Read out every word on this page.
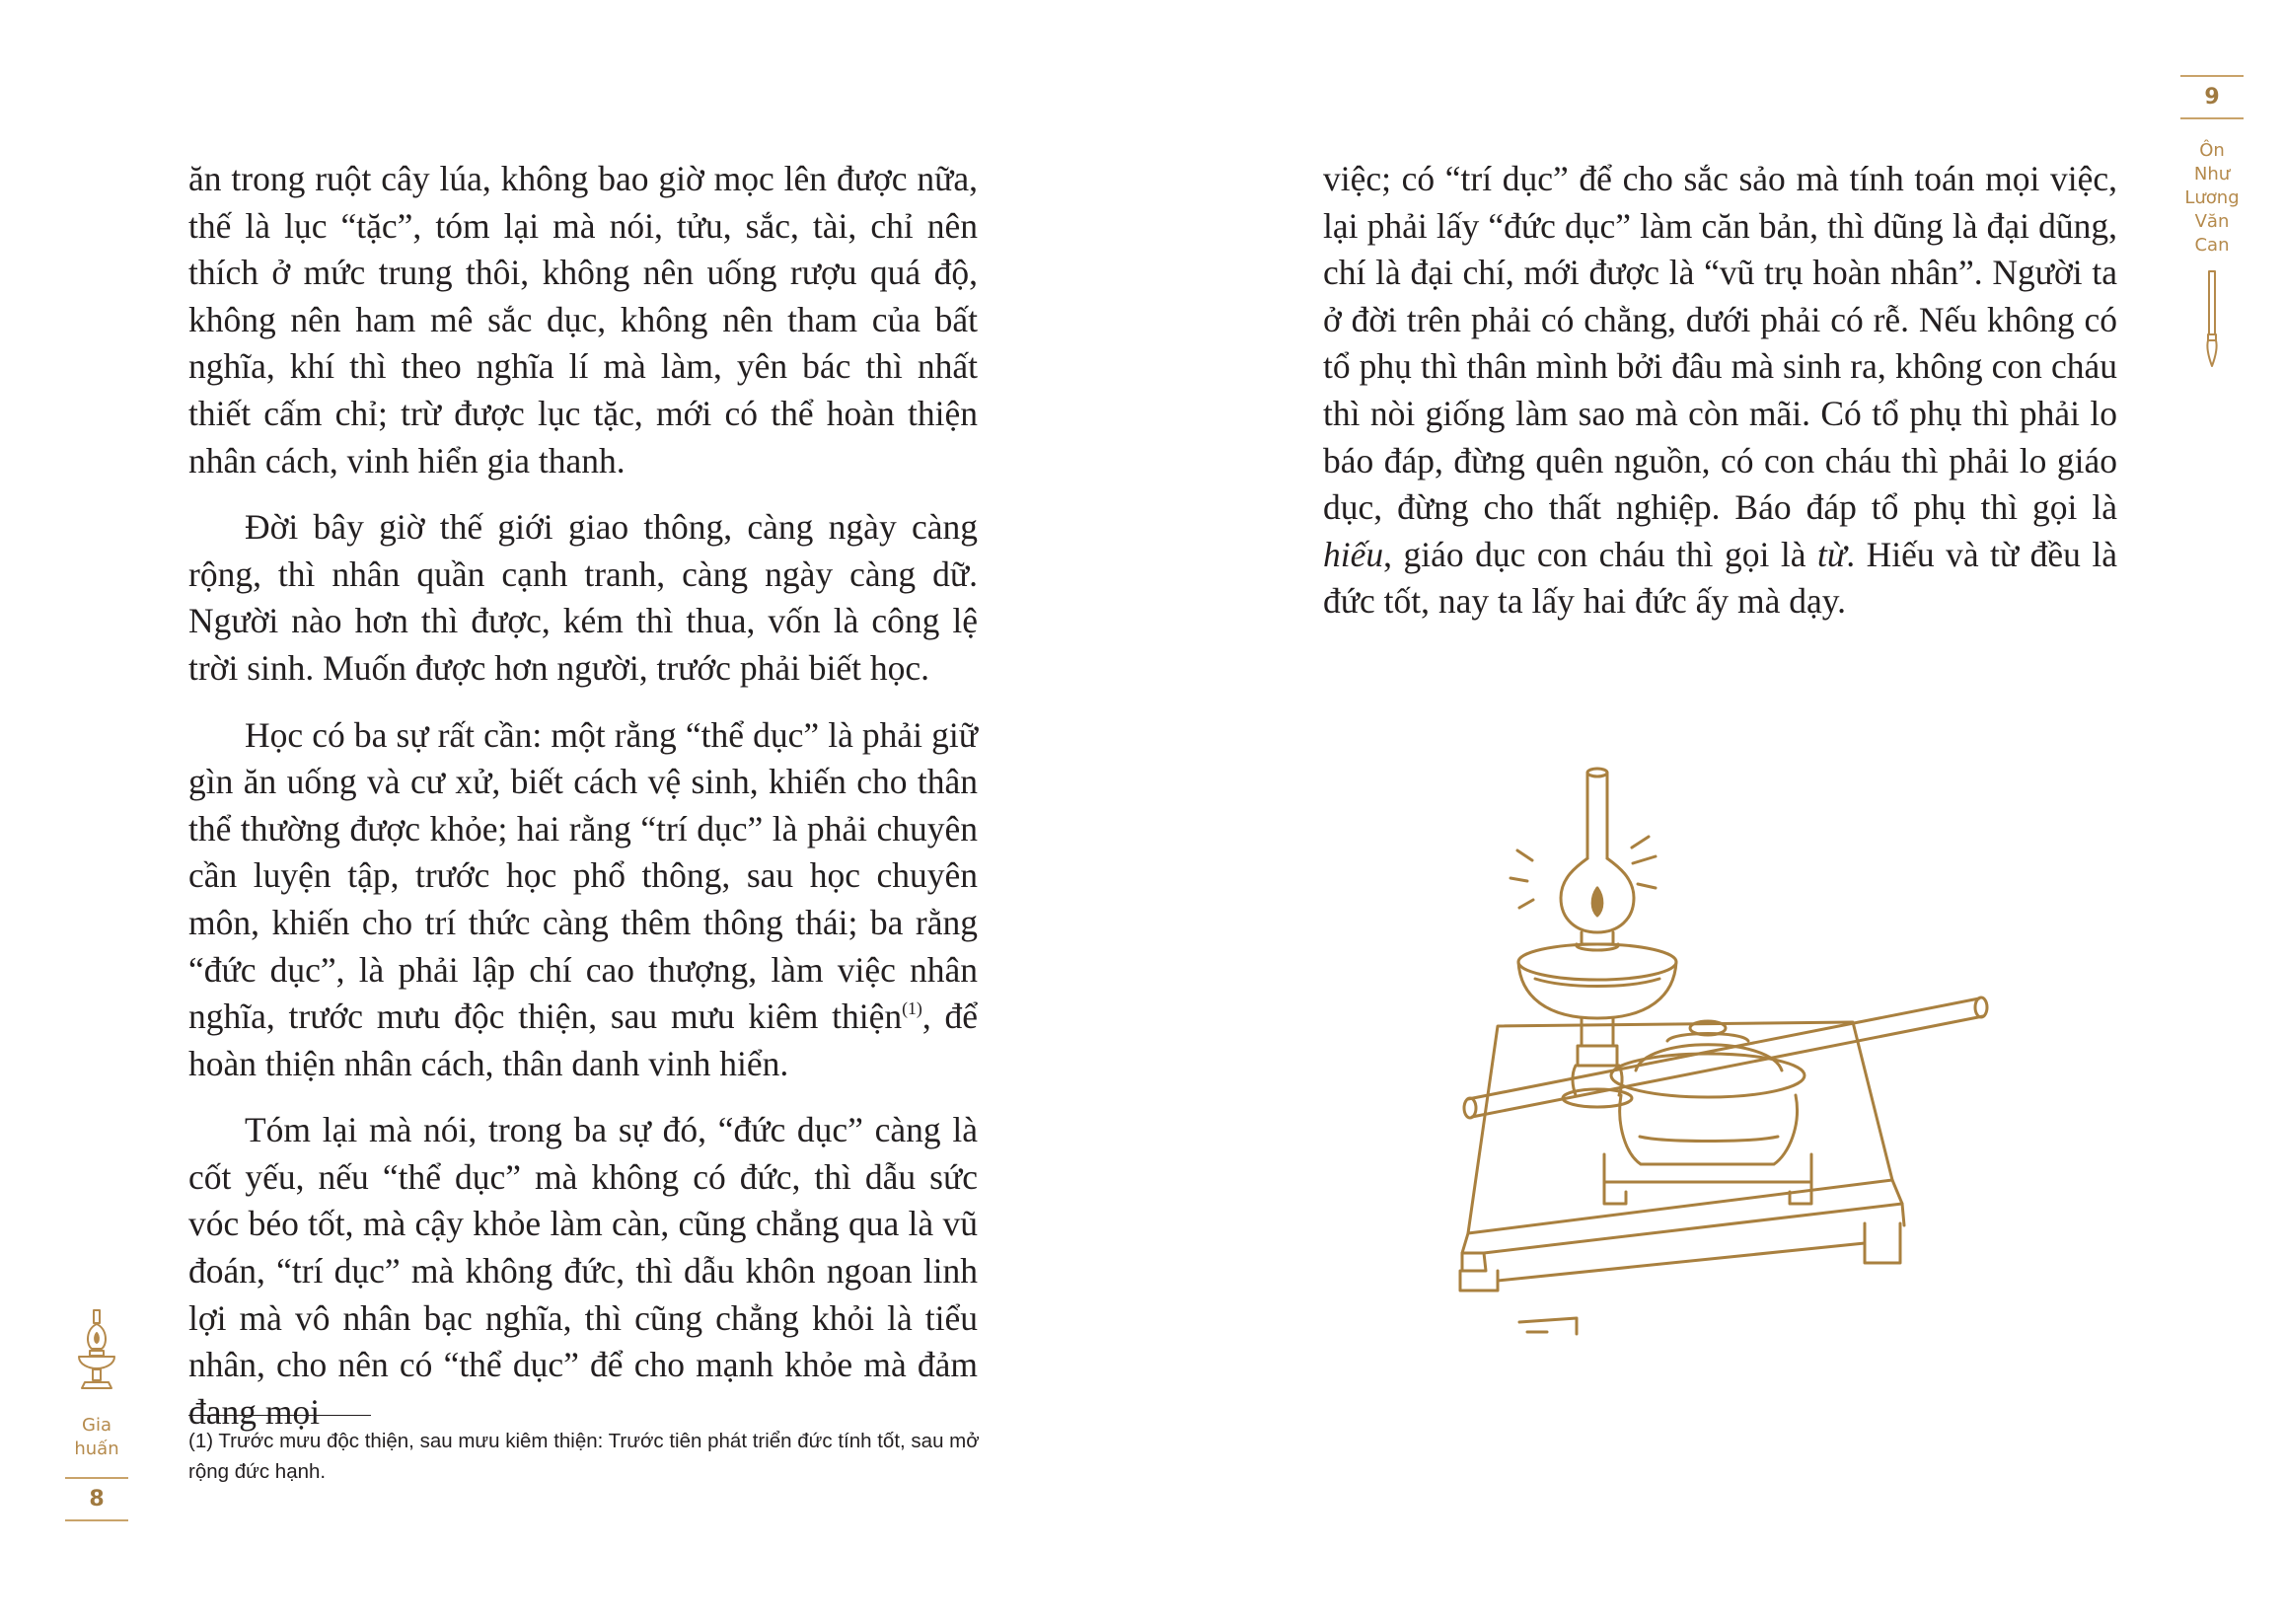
ăn trong ruột cây lúa, không bao giờ mọc lên được nữa, thế là lục “tặc”, tóm lại mà nói, tửu, sắc, tài, chỉ nên thích ở mức trung thôi, không nên uống rượu quá độ, không nên ham mê sắc dục, không nên tham của bất nghĩa, khí thì theo nghĩa lí mà làm, yên bác thì nhất thiết cấm chỉ; trừ được lục tặc, mới có thể hoàn thiện nhân cách, vinh hiển gia thanh.

Đời bây giờ thế giới giao thông, càng ngày càng rộng, thì nhân quần cạnh tranh, càng ngày càng dữ. Người nào hơn thì được, kém thì thua, vốn là công lệ trời sinh. Muốn được hơn người, trước phải biết học.

Học có ba sự rất cần: một rằng “thể dục” là phải giữ gìn ăn uống và cư xử, biết cách vệ sinh, khiến cho thân thể thường được khỏe; hai rằng “trí dục” là phải chuyên cần luyện tập, trước học phổ thông, sau học chuyên môn, khiến cho trí thức càng thêm thông thái; ba rằng “đức dục”, là phải lập chí cao thượng, làm việc nhân nghĩa, trước mưu độc thiện, sau mưu kiêm thiện$^{(1)}$, để hoàn thiện nhân cách, thân danh vinh hiển.

Tóm lại mà nói, trong ba sự đó, “đức dục” càng là cốt yếu, nếu “thể dục” mà không có đức, thì dẫu sức vóc béo tốt, mà cậy khỏe làm càn, cũng chẳng qua là vũ đoán, “trí dục” mà không đức, thì dẫu khôn ngoan linh lợi mà vô nhân bạc nghĩa, thì cũng chẳng khỏi là tiểu nhân, cho nên có “thể dục” để cho mạnh khỏe mà đảm đang mọi

(1) Trước mưu độc thiện, sau mưu kiêm thiện: Trước tiên phát triển đức tính tốt, sau mở rộng đức hạnh.
Gia
huấn
8

việc; có “trí dục” để cho sắc sảo mà tính toán mọi việc, lại phải lấy “đức dục” làm căn bản, thì dũng là đại dũng, chí là đại chí, mới được là “vũ trụ hoàn nhân”. Người ta ở đời trên phải có chằng, dưới phải có rễ. Nếu không có tổ phụ thì thân mình bởi đâu mà sinh ra, không con cháu thì nòi giống làm sao mà còn mãi. Có tổ phụ thì phải lo báo đáp, đừng quên nguồn, có con cháu thì phải lo giáo dục, đừng cho thất nghiệp. Báo đáp tổ phụ thì gọi là hiếu, giáo dục con cháu thì gọi là từ. Hiếu và từ đều là đức tốt, nay ta lấy hai đức ấy mà dạy.

9
Ôn
Như
Lương
Văn
Can
